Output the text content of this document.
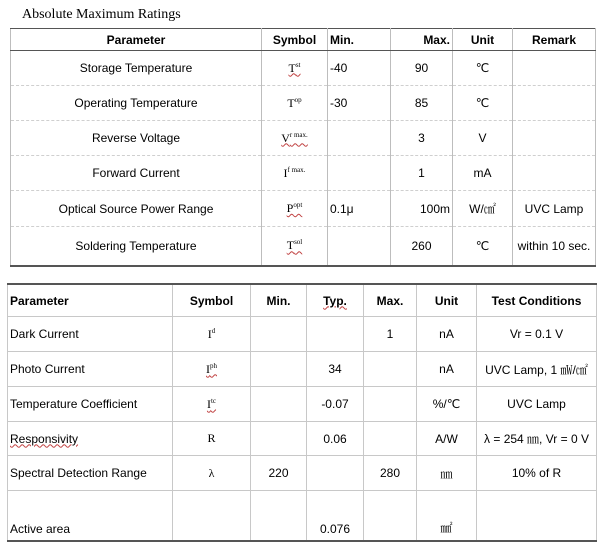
Absolute Maximum Ratings
Parameter	Symbol	Min.	Max.	Unit	Remark
Storage Temperature	$T^{st}$	-40	90	℃	
Operating Temperature	$T^{op}$	-30	85	℃	
Reverse Voltage	$V^{r max.}$		3	V	
Forward Current	$I^{f max.}$		1	mA	
Optical Source Power Range	$P^{opt}$	0.1μ	100m	W/㎠	UVC Lamp
Soldering Temperature	$T^{sol}$		260	℃	within 10 sec.
Parameter	Symbol	Min.	Typ.	Max.	Unit	Test Conditions
Dark Current	$I^d$			1	nA	Vr = 0.1 V
Photo Current	$I^{ph}$		34		nA	UVC Lamp, 1 ㎽/㎠
Temperature Coefficient	$I^{tc}$		-0.07		%/℃	UVC Lamp
Responsivity	R		0.06		A/W	λ = 254 ㎚, Vr = 0 V
Spectral Detection Range	λ	220		280	㎚	10% of R
Active area			0.076		㎟	
